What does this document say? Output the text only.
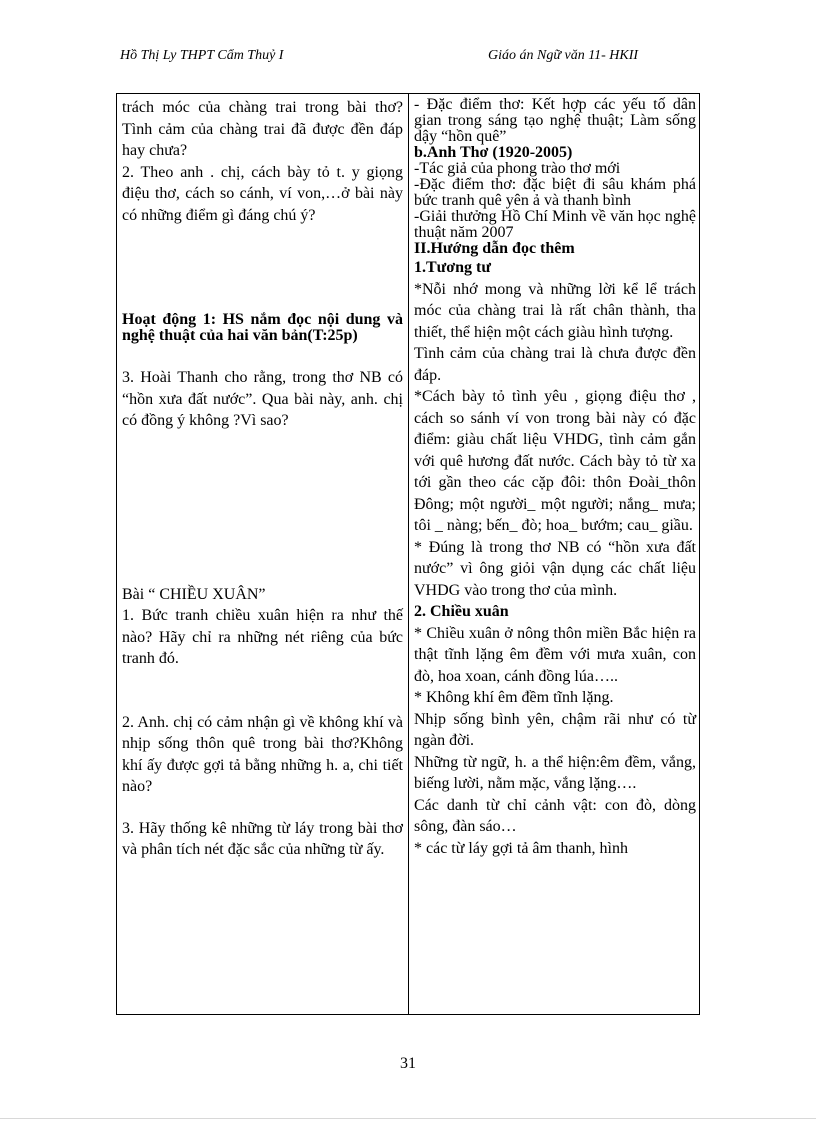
Hồ Thị Ly THPT Cẩm Thuỷ I	Giáo án Ngữ văn 11- HKII

trách móc của chàng trai trong bài thơ? Tình cảm của chàng trai đã được đền đáp hay chưa?

2. Theo anh . chị, cách bày tỏ t. y giọng điệu thơ, cách so cánh, ví von,…ở bài này có những điểm gì đáng chú ý?

Hoạt động 1: HS nắm đọc nội dung và nghệ thuật của hai văn bản(T:25p)

3. Hoài Thanh cho rằng, trong thơ NB có “hồn xưa đất nước”. Qua bài này, anh. chị có đồng ý không ?Vì sao?

Bài “ CHIỀU XUÂN”

1. Bức tranh chiều xuân hiện ra như thế nào? Hãy chỉ ra những nét riêng của bức tranh đó.

2. Anh. chị có cảm nhận gì về không khí và nhịp sống thôn quê trong bài thơ?Không khí ấy được gợi tả bằng những h. a, chi tiết nào?

3. Hãy thống kê những từ láy trong bài thơ và phân tích nét đặc sắc của những từ ấy.

- Đặc điểm thơ: Kết hợp các yếu tố dân gian trong sáng tạo nghệ thuật; Làm sống dậy “hồn quê”

b.Anh Thơ (1920-2005)

-Tác giả của phong trào thơ mới

-Đặc điểm thơ: đặc biệt đi sâu khám phá bức tranh quê yên ả và thanh bình

-Giải thưởng Hồ Chí Minh về văn học nghệ thuật năm 2007

II.Hướng dẫn đọc thêm

1.Tương tư

*Nỗi nhớ mong và những lời kể lể trách móc của chàng trai là rất chân thành, tha thiết, thể hiện một cách giàu hình tượng.

Tình cảm của chàng trai là chưa được đền đáp.

*Cách bày tỏ tình yêu , giọng điệu thơ , cách so sánh ví von trong bài này có đặc điểm: giàu chất liệu VHDG, tình cảm gắn với quê hương đất nước. Cách bày tỏ từ xa tới gần theo các cặp đôi: thôn Đoài_thôn Đông; một người_ một người; nắng_ mưa; tôi _ nàng; bến_ đò; hoa_ bướm; cau_ giầu.

* Đúng là trong thơ NB có “hồn xưa đất nước” vì ông giỏi vận dụng các chất liệu VHDG vào trong thơ của mình.

2. Chiều xuân

* Chiều xuân ở nông thôn miền Bắc hiện ra thật tĩnh lặng êm đềm với mưa xuân, con đò, hoa xoan, cánh đồng lúa…..

* Không khí êm đềm tĩnh lặng.

Nhịp sống bình yên, chậm rãi như có từ ngàn đời.

Những từ ngữ, h. a thể hiện:êm đềm, vắng, biếng lười, nằm mặc, vắng lặng….

Các danh từ chỉ cảnh vật: con đò, dòng sông, đàn sáo…

* các từ láy gợi tả âm thanh, hình

31
